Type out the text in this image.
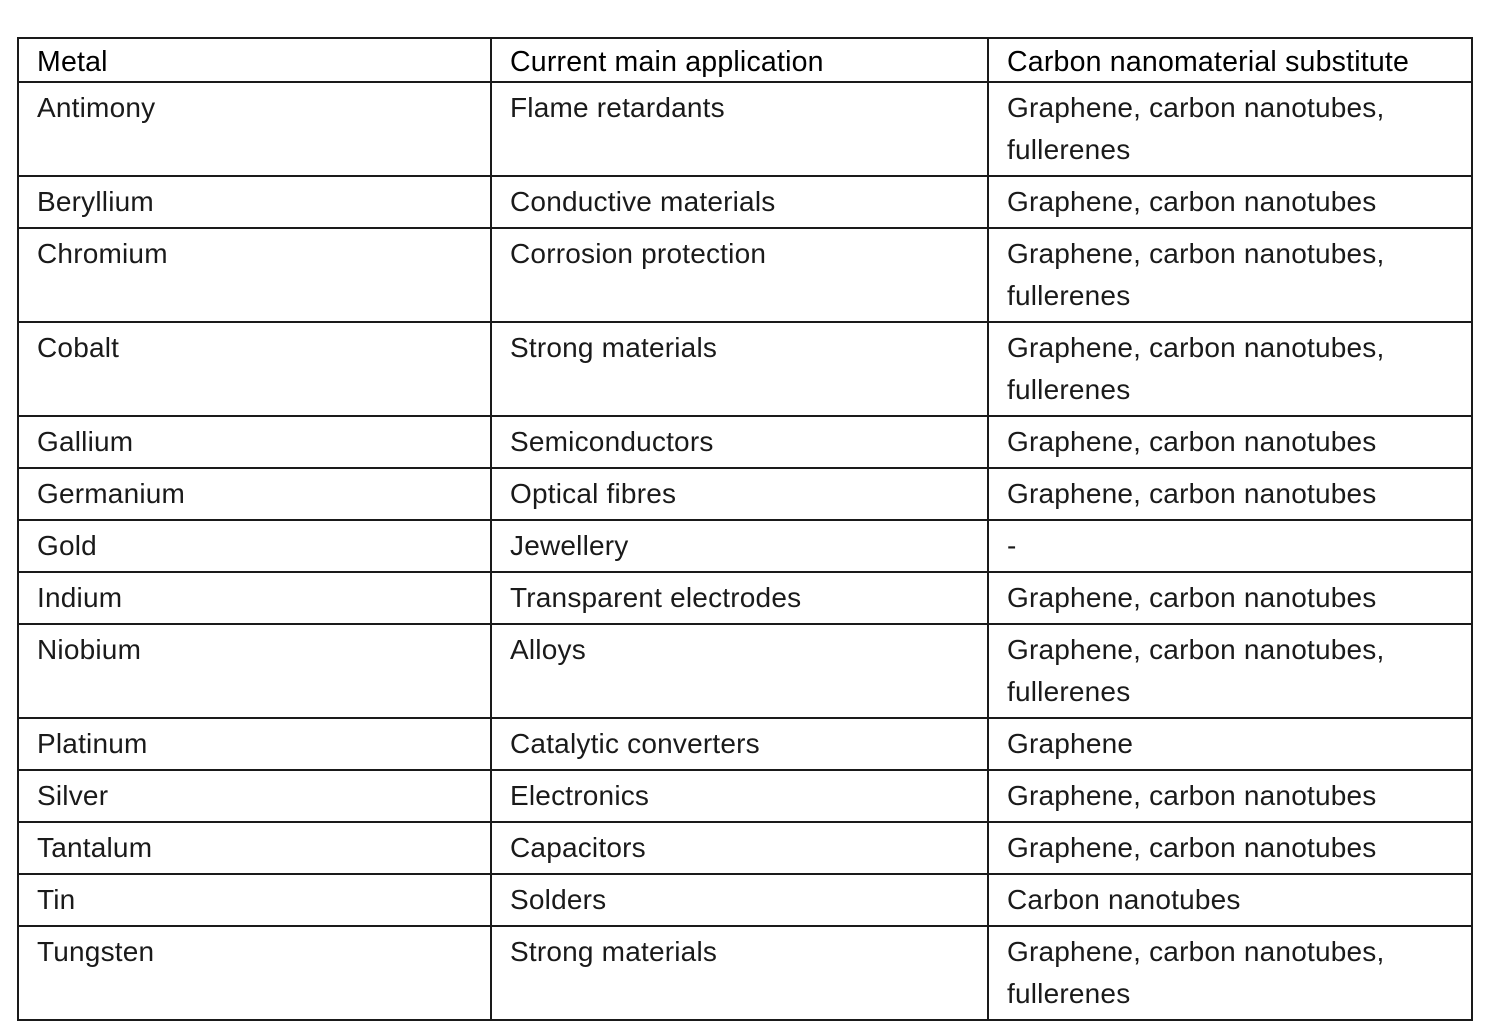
Metal	Current main application	Carbon nanomaterial substitute
Antimony	Flame retardants	Graphene, carbon nanotubes, fullerenes
Beryllium	Conductive materials	Graphene, carbon nanotubes
Chromium	Corrosion protection	Graphene, carbon nanotubes, fullerenes
Cobalt	Strong materials	Graphene, carbon nanotubes, fullerenes
Gallium	Semiconductors	Graphene, carbon nanotubes
Germanium	Optical fibres	Graphene, carbon nanotubes
Gold	Jewellery	-
Indium	Transparent electrodes	Graphene, carbon nanotubes
Niobium	Alloys	Graphene, carbon nanotubes, fullerenes
Platinum	Catalytic converters	Graphene
Silver	Electronics	Graphene, carbon nanotubes
Tantalum	Capacitors	Graphene, carbon nanotubes
Tin	Solders	Carbon nanotubes
Tungsten	Strong materials	Graphene, carbon nanotubes, fullerenes
